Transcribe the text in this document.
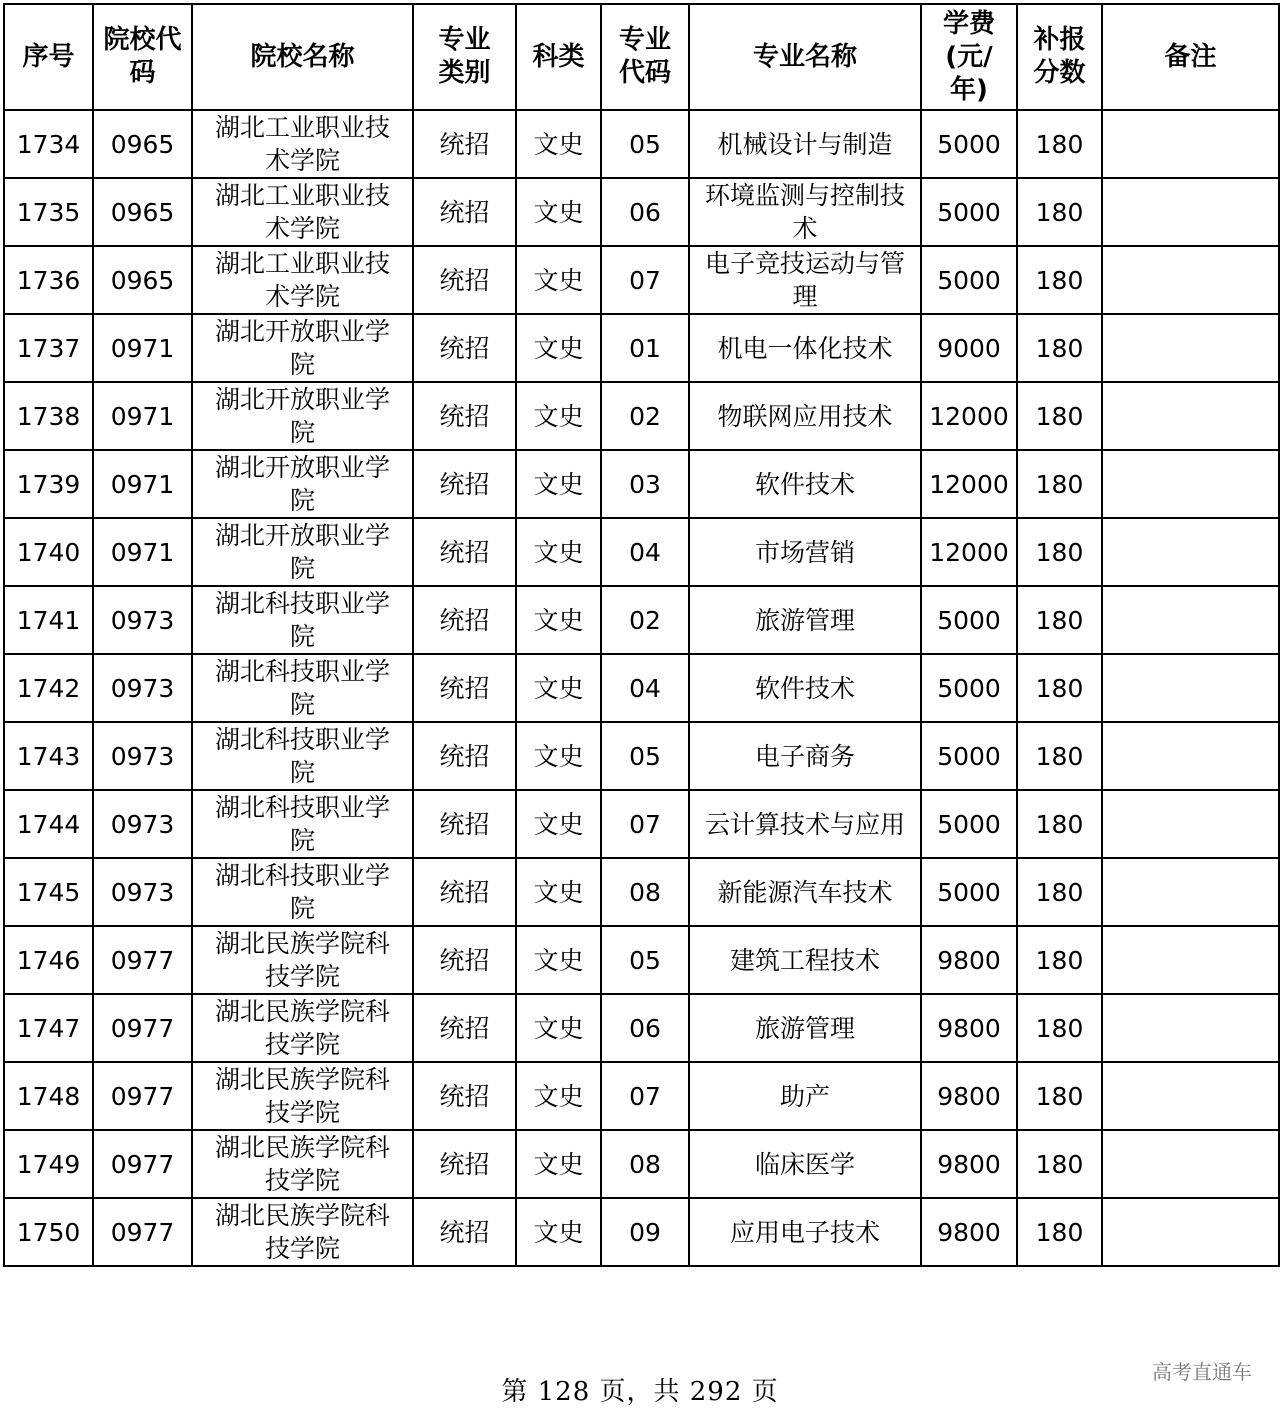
序号	院校代码	院校名称	专业类别	科类	专业代码	专业名称	学费(元/年)	补报分数	备注
1734	0965	湖北工业职业技术学院	统招	文史	05	机械设计与制造	5000	180	
1735	0965	湖北工业职业技术学院	统招	文史	06	环境监测与控制技术	5000	180	
1736	0965	湖北工业职业技术学院	统招	文史	07	电子竞技运动与管理	5000	180	
1737	0971	湖北开放职业学院	统招	文史	01	机电一体化技术	9000	180	
1738	0971	湖北开放职业学院	统招	文史	02	物联网应用技术	12000	180	
1739	0971	湖北开放职业学院	统招	文史	03	软件技术	12000	180	
1740	0971	湖北开放职业学院	统招	文史	04	市场营销	12000	180	
1741	0973	湖北科技职业学院	统招	文史	02	旅游管理	5000	180	
1742	0973	湖北科技职业学院	统招	文史	04	软件技术	5000	180	
1743	0973	湖北科技职业学院	统招	文史	05	电子商务	5000	180	
1744	0973	湖北科技职业学院	统招	文史	07	云计算技术与应用	5000	180	
1745	0973	湖北科技职业学院	统招	文史	08	新能源汽车技术	5000	180	
1746	0977	湖北民族学院科技学院	统招	文史	05	建筑工程技术	9800	180	
1747	0977	湖北民族学院科技学院	统招	文史	06	旅游管理	9800	180	
1748	0977	湖北民族学院科技学院	统招	文史	07	助产	9800	180	
1749	0977	湖北民族学院科技学院	统招	文史	08	临床医学	9800	180	
1750	0977	湖北民族学院科技学院	统招	文史	09	应用电子技术	9800	180	
第 128 页，共 292 页
高考直通车
